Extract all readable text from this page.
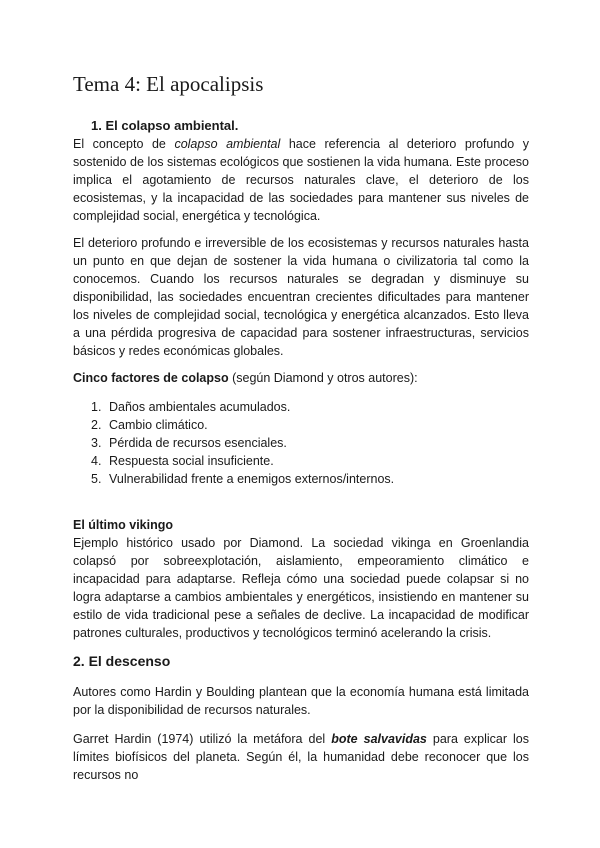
Tema 4: El apocalipsis
1. El colapso ambiental.

El concepto de colapso ambiental hace referencia al deterioro profundo y sostenido de los sistemas ecológicos que sostienen la vida humana. Este proceso implica el agotamiento de recursos naturales clave, el deterioro de los ecosistemas, y la incapacidad de las sociedades para mantener sus niveles de complejidad social, energética y tecnológica.

El deterioro profundo e irreversible de los ecosistemas y recursos naturales hasta un punto en que dejan de sostener la vida humana o civilizatoria tal como la conocemos. Cuando los recursos naturales se degradan y disminuye su disponibilidad, las sociedades encuentran crecientes dificultades para mantener los niveles de complejidad social, tecnológica y energética alcanzados. Esto lleva a una pérdida progresiva de capacidad para sostener infraestructuras, servicios básicos y redes económicas globales.

Cinco factores de colapso (según Diamond y otros autores):

1. Daños ambientales acumulados.
2. Cambio climático.
3. Pérdida de recursos esenciales.
4. Respuesta social insuficiente.
5. Vulnerabilidad frente a enemigos externos/internos.

El último vikingo
Ejemplo histórico usado por Diamond. La sociedad vikinga en Groenlandia colapsó por sobreexplotación, aislamiento, empeoramiento climático e incapacidad para adaptarse. Refleja cómo una sociedad puede colapsar si no logra adaptarse a cambios ambientales y energéticos, insistiendo en mantener su estilo de vida tradicional pese a señales de declive. La incapacidad de modificar patrones culturales, productivos y tecnológicos terminó acelerando la crisis.

2. El descenso

Autores como Hardin y Boulding plantean que la economía humana está limitada por la disponibilidad de recursos naturales.

Garret Hardin (1974) utilizó la metáfora del bote salvavidas para explicar los límites biofísicos del planeta. Según él, la humanidad debe reconocer que los recursos no
